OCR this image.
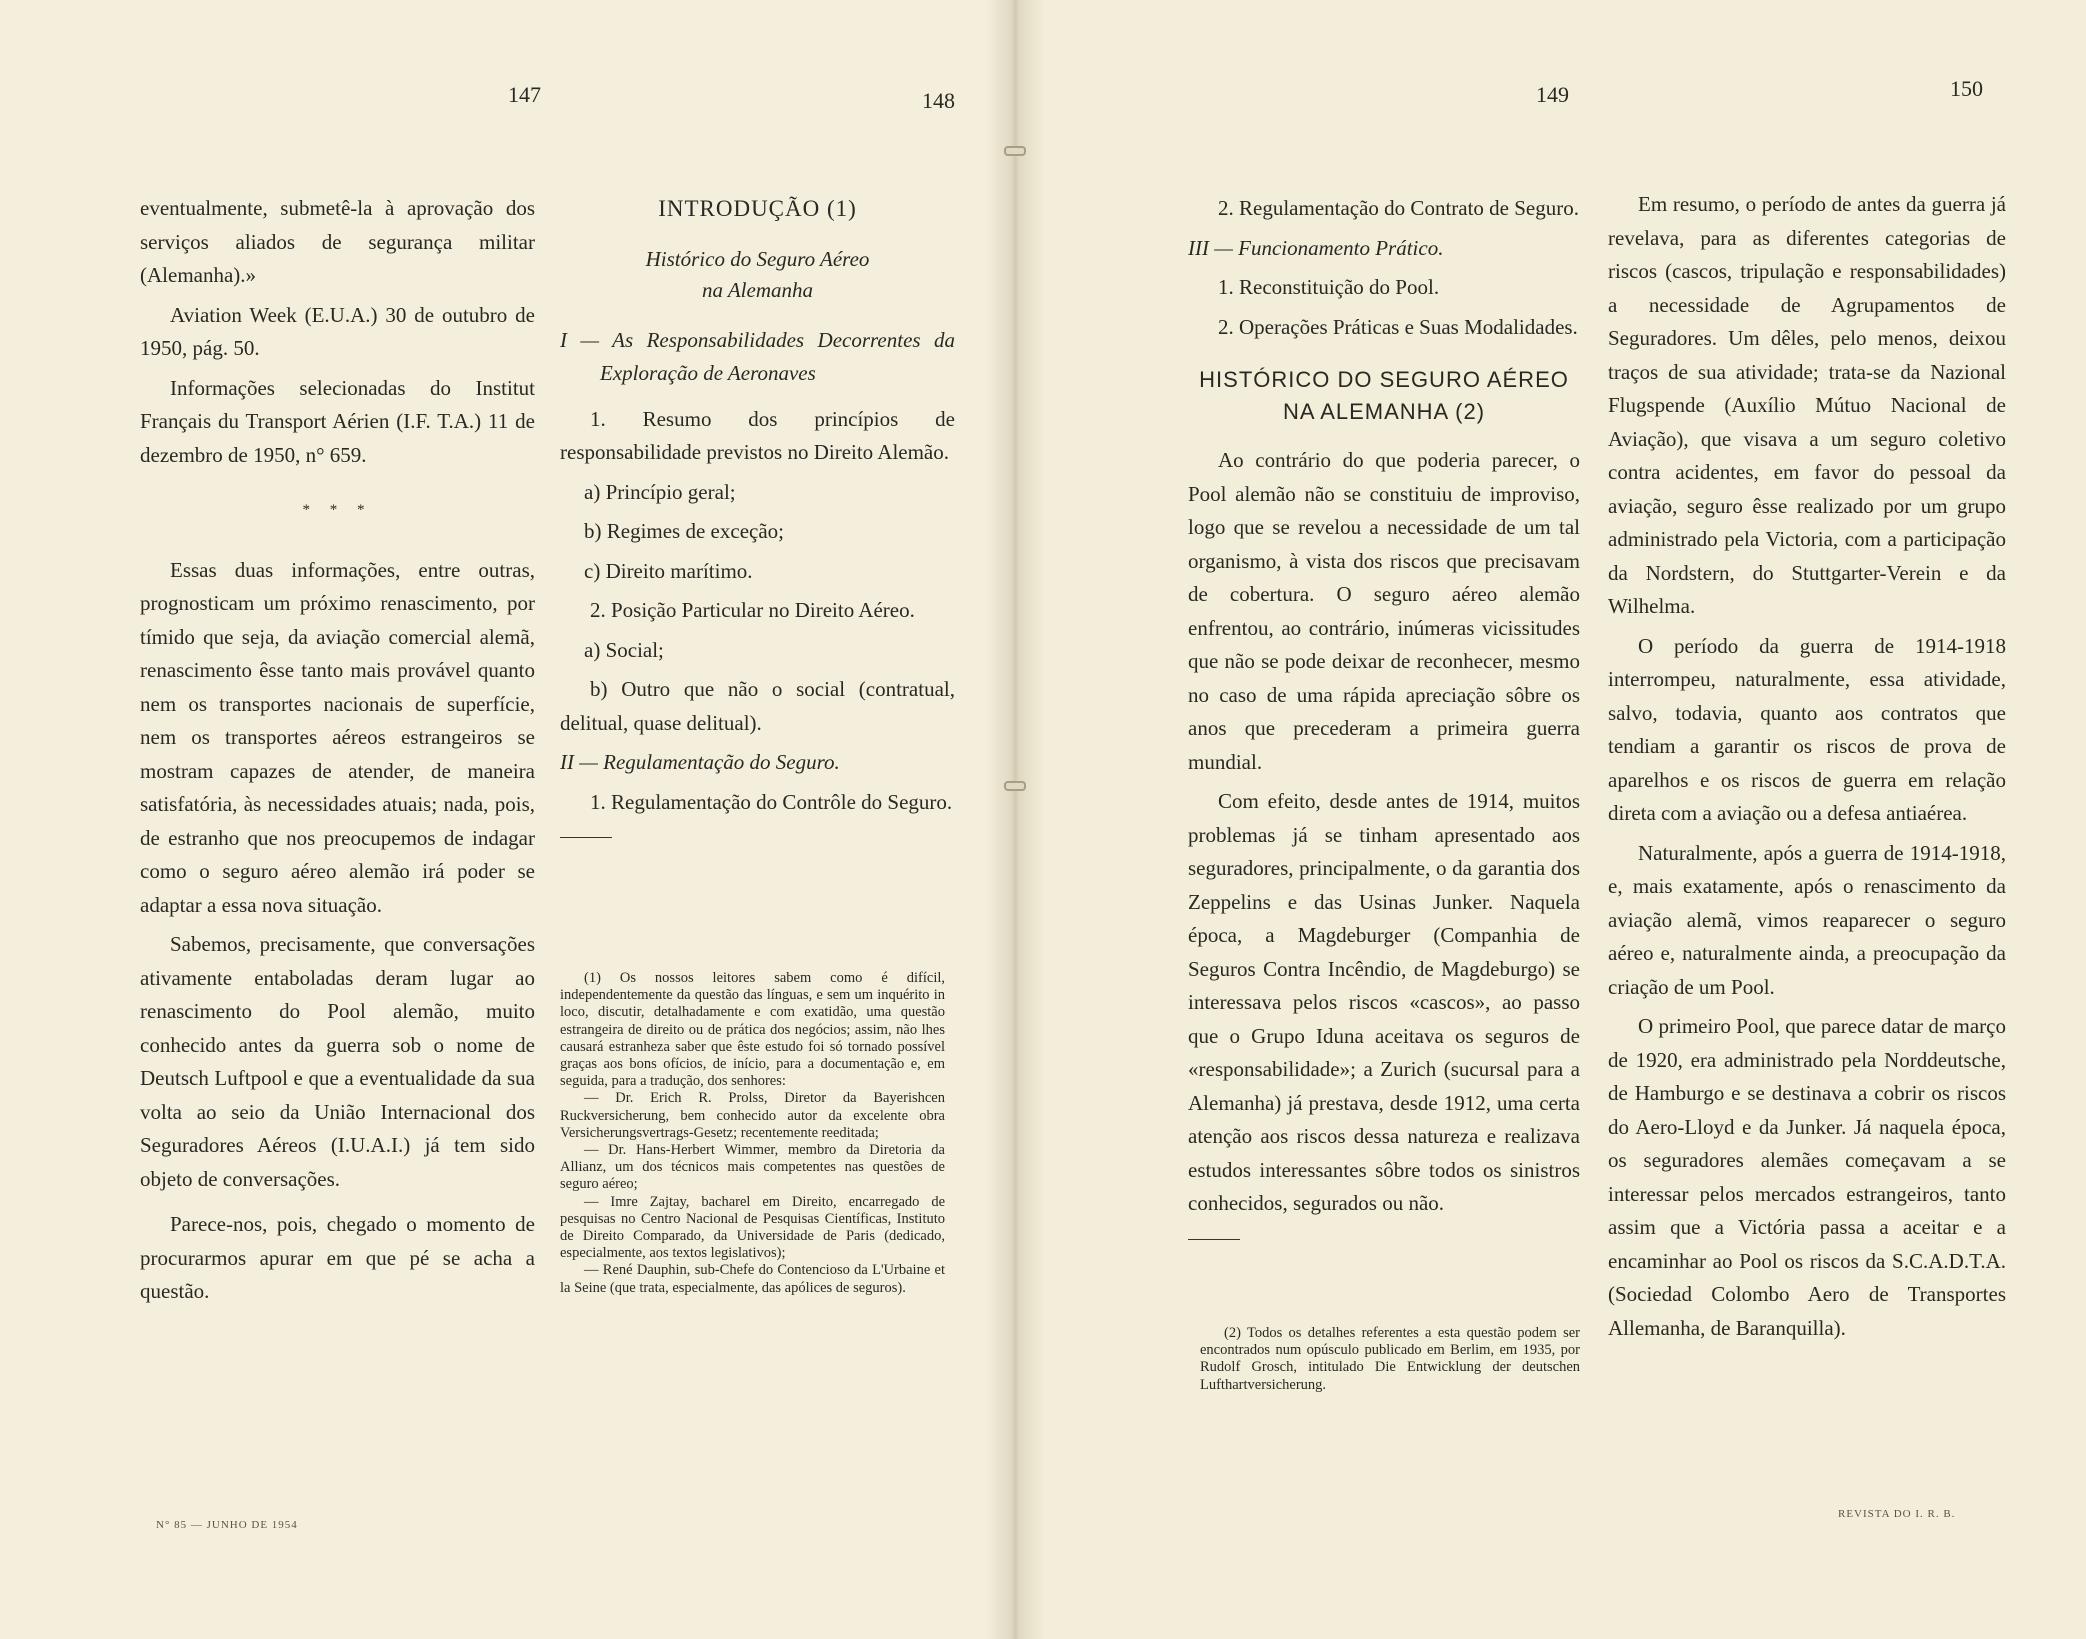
147	148

eventualmente, submetê-la à aprovação dos serviços aliados de segurança militar (Alemanha).»

Aviation Week (E.U.A.) 30 de outubro de 1950, pág. 50.

Informações selecionadas do Institut Français du Transport Aérien (I.F. T.A.) 11 de dezembro de 1950, n° 659.

* * *

Essas duas informações, entre outras, prognosticam um próximo renascimento, por tímido que seja, da aviação comercial alemã, renascimento êsse tanto mais provável quanto nem os transportes nacionais de superfície, nem os transportes aéreos estrangeiros se mostram capazes de atender, de maneira satisfatória, às necessidades atuais; nada, pois, de estranho que nos preocupemos de indagar como o seguro aéreo alemão irá poder se adaptar a essa nova situação.

Sabemos, precisamente, que conversações ativamente entaboladas deram lugar ao renascimento do Pool alemão, muito conhecido antes da guerra sob o nome de Deutsch Luftpool e que a eventualidade da sua volta ao seio da União Internacional dos Seguradores Aéreos (I.U.A.I.) já tem sido objeto de conversações.

Parece-nos, pois, chegado o momento de procurarmos apurar em que pé se acha a questão.

INTRODUÇÃO (1)
Histórico do Seguro Aéreo
na Alemanha

I — As Responsabilidades Decorrentes da Exploração de Aeronaves

1. Resumo dos princípios de responsabilidade previstos no Direito Alemão.

a) Princípio geral;

b) Regimes de exceção;

c) Direito marítimo.

2. Posição Particular no Direito Aéreo.

a) Social;

b) Outro que não o social (contratual, delitual, quase delitual).

II — Regulamentação do Seguro.

1. Regulamentação do Contrôle do Seguro.

(1) Os nossos leitores sabem como é difícil, independentemente da questão das línguas, e sem um inquérito in loco, discutir, detalhadamente e com exatidão, uma questão estrangeira de direito ou de prática dos negócios; assim, não lhes causará estranheza saber que êste estudo foi só tornado possível graças aos bons ofícios, de início, para a documentação e, em seguida, para a tradução, dos senhores:

— Dr. Erich R. Prolss, Diretor da Bayerishcen Ruckversicherung, bem conhecido autor da excelente obra Versicherungsvertrags-Gesetz; recentemente reeditada;

— Dr. Hans-Herbert Wimmer, membro da Diretoria da Allianz, um dos técnicos mais competentes nas questões de seguro aéreo;

— Imre Zajtay, bacharel em Direito, encarregado de pesquisas no Centro Nacional de Pesquisas Científicas, Instituto de Direito Comparado, da Universidade de Paris (dedicado, especialmente, aos textos legislativos);

— René Dauphin, sub-Chefe do Contencioso da L'Urbaine et la Seine (que trata, especialmente, das apólices de seguros).

N° 85 — JUNHO DE 1954
149	150

2. Regulamentação do Contrato de Seguro.

III — Funcionamento Prático.

1. Reconstituição do Pool.

2. Operações Práticas e Suas Modalidades.

HISTÓRICO DO SEGURO AÉREO
NA ALEMANHA (2)

Ao contrário do que poderia parecer, o Pool alemão não se constituiu de improviso, logo que se revelou a necessidade de um tal organismo, à vista dos riscos que precisavam de cobertura. O seguro aéreo alemão enfrentou, ao contrário, inúmeras vicissitudes que não se pode deixar de reconhecer, mesmo no caso de uma rápida apreciação sôbre os anos que precederam a primeira guerra mundial.

Com efeito, desde antes de 1914, muitos problemas já se tinham apresentado aos seguradores, principalmente, o da garantia dos Zeppelins e das Usinas Junker. Naquela época, a Magdeburger (Companhia de Seguros Contra Incêndio, de Magdeburgo) se interessava pelos riscos «cascos», ao passo que o Grupo Iduna aceitava os seguros de «responsabilidade»; a Zurich (sucursal para a Alemanha) já prestava, desde 1912, uma certa atenção aos riscos dessa natureza e realizava estudos interessantes sôbre todos os sinistros conhecidos, segurados ou não.

(2) Todos os detalhes referentes a esta questão podem ser encontrados num opúsculo publicado em Berlim, em 1935, por Rudolf Grosch, intitulado Die Entwicklung der deutschen Lufthartversicherung.

Em resumo, o período de antes da guerra já revelava, para as diferentes categorias de riscos (cascos, tripulação e responsabilidades) a necessidade de Agrupamentos de Seguradores. Um dêles, pelo menos, deixou traços de sua atividade; trata-se da Nazional Flugspende (Auxílio Mútuo Nacional de Aviação), que visava a um seguro coletivo contra acidentes, em favor do pessoal da aviação, seguro êsse realizado por um grupo administrado pela Victoria, com a participação da Nordstern, do Stuttgarter-Verein e da Wilhelma.

O período da guerra de 1914-1918 interrompeu, naturalmente, essa atividade, salvo, todavia, quanto aos contratos que tendiam a garantir os riscos de prova de aparelhos e os riscos de guerra em relação direta com a aviação ou a defesa antiaérea.

Naturalmente, após a guerra de 1914-1918, e, mais exatamente, após o renascimento da aviação alemã, vimos reaparecer o seguro aéreo e, naturalmente ainda, a preocupação da criação de um Pool.

O primeiro Pool, que parece datar de março de 1920, era administrado pela Norddeutsche, de Hamburgo e se destinava a cobrir os riscos do Aero-Lloyd e da Junker. Já naquela época, os seguradores alemães começavam a se interessar pelos mercados estrangeiros, tanto assim que a Victória passa a aceitar e a encaminhar ao Pool os riscos da S.C.A.D.T.A. (Sociedad Colombo Aero de Transportes Allemanha, de Baranquilla).

REVISTA DO I. R. B.
